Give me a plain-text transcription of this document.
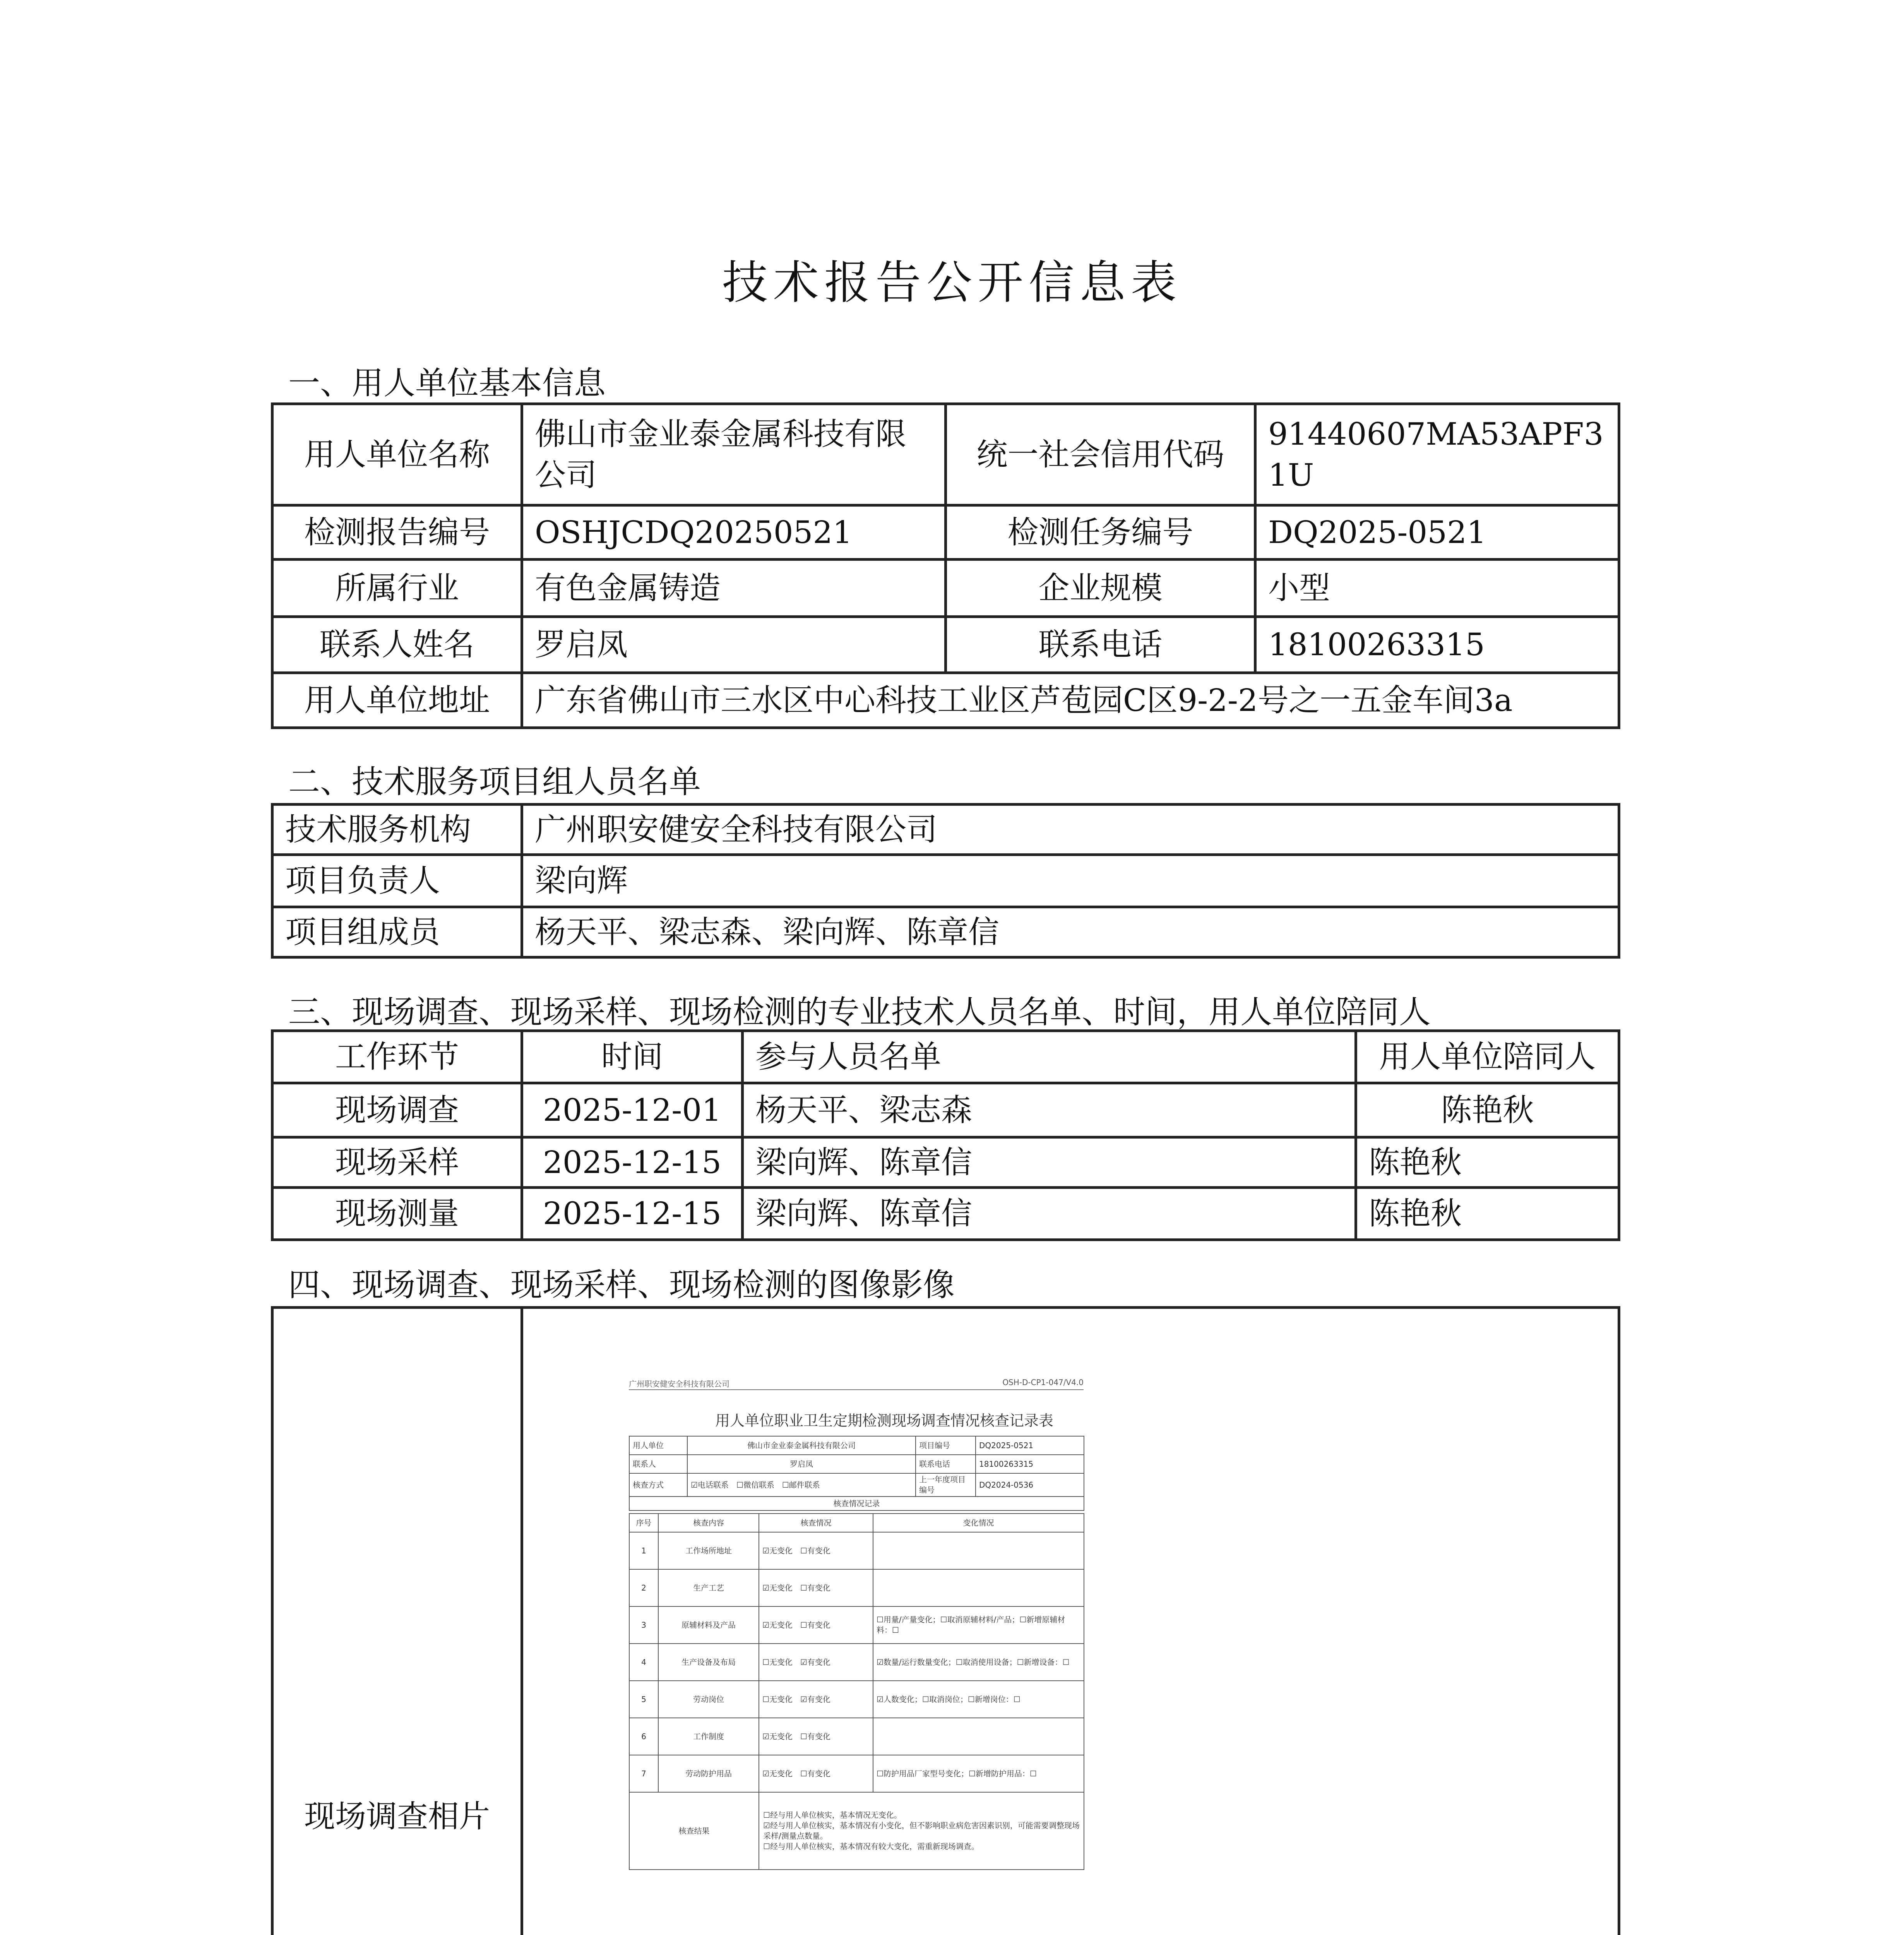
技术报告公开信息表
一、用人单位基本信息
用人单位名称	佛山市金业泰金属科技有限公司	统一社会信用代码	91440607MA53APF31U
检测报告编号	OSHJCDQ20250521	检测任务编号	DQ2025-0521
所属行业	有色金属铸造	企业规模	小型
联系人姓名	罗启凤	联系电话	18100263315
用人单位地址	广东省佛山市三水区中心科技工业区芦苞园C区9-2-2号之一五金车间3a		
二、技术服务项目组人员名单
技术服务机构	广州职安健安全科技有限公司
项目负责人	梁向辉
项目组成员	杨天平、梁志森、梁向辉、陈章信
三、现场调查、现场采样、现场检测的专业技术人员名单、时间，用人单位陪同人
工作环节	时间	参与人员名单	用人单位陪同人
现场调查	2025-12-01	杨天平、梁志森	陈艳秋
现场采样	2025-12-15	梁向辉、陈章信	陈艳秋
现场测量	2025-12-15	梁向辉、陈章信	陈艳秋
四、现场调查、现场采样、现场检测的图像影像
现场调查相片	
广州职安健安全科技有限公司	OSH-D-CP1-047/V4.0
用人单位职业卫生定期检测现场调查情况核查记录表
用人单位	佛山市金业泰金属科技有限公司	项目编号	DQ2025-0521
联系人	罗启凤	联系电话	18100263315
核查方式	☑电话联系　☐微信联系　☐邮件联系	上一年度项目编号	DQ2024-0536
核查情况记录			
序号	核查内容	核查情况	变化情况
1	工作场所地址	☑无变化　☐有变化	
2	生产工艺	☑无变化　☐有变化	
3	原辅材料及产品	☑无变化　☐有变化	☐用量/产量变化；☐取消原辅材料/产品；☐新增原辅材料：☐
4	生产设备及布局	☐无变化　☑有变化	☑数量/运行数量变化；☐取消使用设备；☐新增设备：☐
5	劳动岗位	☐无变化　☑有变化	☑人数变化；☐取消岗位；☐新增岗位：☐
6	工作制度	☑无变化　☐有变化	
7	劳动防护用品	☑无变化　☐有变化	☐防护用品厂家型号变化；☐新增防护用品：☐
核查结果		☐经与用人单位核实，基本情况无变化。
☑经与用人单位核实，基本情况有小变化，但不影响职业病危害因素识别，可能需要调整现场采样/测量点数量。
☐经与用人单位核实，基本情况有较大变化，需重新现场调查。	
